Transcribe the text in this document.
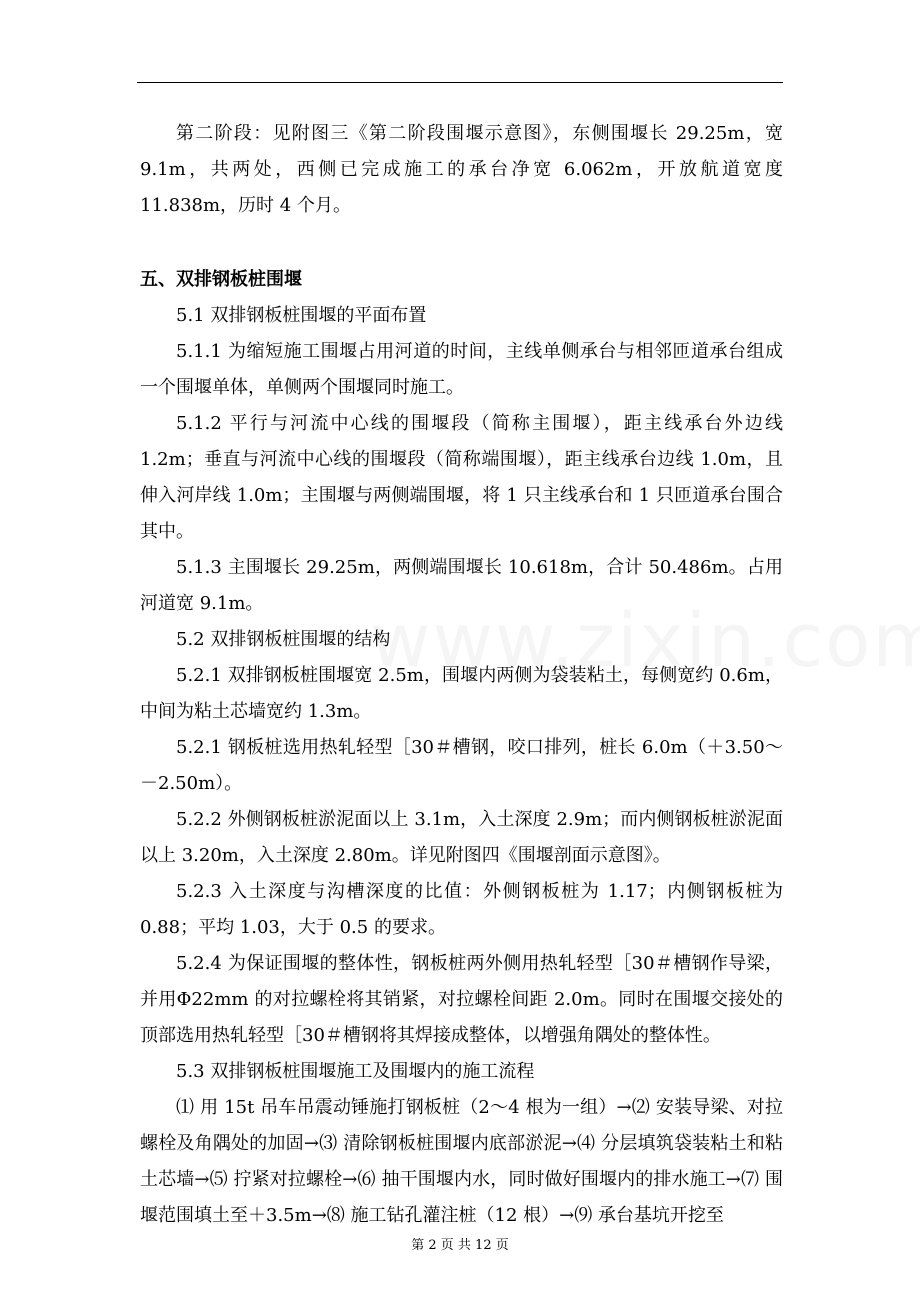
第二阶段：见附图三《第二阶段围堰示意图》，东侧围堰长 29.25m，宽 9.1m，共两处，西侧已完成施工的承台净宽 6.062m，开放航道宽度 11.838m，历时 4 个月。

五、双排钢板桩围堰

5.1 双排钢板桩围堰的平面布置

5.1.1 为缩短施工围堰占用河道的时间，主线单侧承台与相邻匝道承台组成一个围堰单体，单侧两个围堰同时施工。

5.1.2 平行与河流中心线的围堰段（简称主围堰），距主线承台外边线 1.2m；垂直与河流中心线的围堰段（简称端围堰），距主线承台边线 1.0m，且伸入河岸线 1.0m；主围堰与两侧端围堰，将 1 只主线承台和 1 只匝道承台围合其中。

5.1.3 主围堰长 29.25m，两侧端围堰长 10.618m，合计 50.486m。占用河道宽 9.1m。

5.2 双排钢板桩围堰的结构

5.2.1 双排钢板桩围堰宽 2.5m，围堰内两侧为袋装粘土，每侧宽约 0.6m，中间为粘土芯墙宽约 1.3m。

5.2.1 钢板桩选用热轧轻型［30＃槽钢，咬口排列，桩长 6.0m（＋3.50～－2.50m）。

5.2.2 外侧钢板桩淤泥面以上 3.1m，入土深度 2.9m；而内侧钢板桩淤泥面以上 3.20m，入土深度 2.80m。详见附图四《围堰剖面示意图》。

5.2.3 入土深度与沟槽深度的比值：外侧钢板桩为 1.17；内侧钢板桩为 0.88；平均 1.03，大于 0.5 的要求。

5.2.4 为保证围堰的整体性，钢板桩两外侧用热轧轻型［30＃槽钢作导梁，并用Φ22mm 的对拉螺栓将其销紧，对拉螺栓间距 2.0m。同时在围堰交接处的顶部选用热轧轻型［30＃槽钢将其焊接成整体，以增强角隅处的整体性。

5.3 双排钢板桩围堰施工及围堰内的施工流程

⑴ 用 15t 吊车吊震动锤施打钢板桩（2～4 根为一组）→⑵ 安装导梁、对拉螺栓及角隅处的加固→⑶ 清除钢板桩围堰内底部淤泥→⑷ 分层填筑袋装粘土和粘土芯墙→⑸ 拧紧对拉螺栓→⑹ 抽干围堰内水，同时做好围堰内的排水施工→⑺ 围堰范围填土至＋3.5m→⑻ 施工钻孔灌注桩（12 根）→⑼ 承台基坑开挖至

第 2 页 共 12 页
